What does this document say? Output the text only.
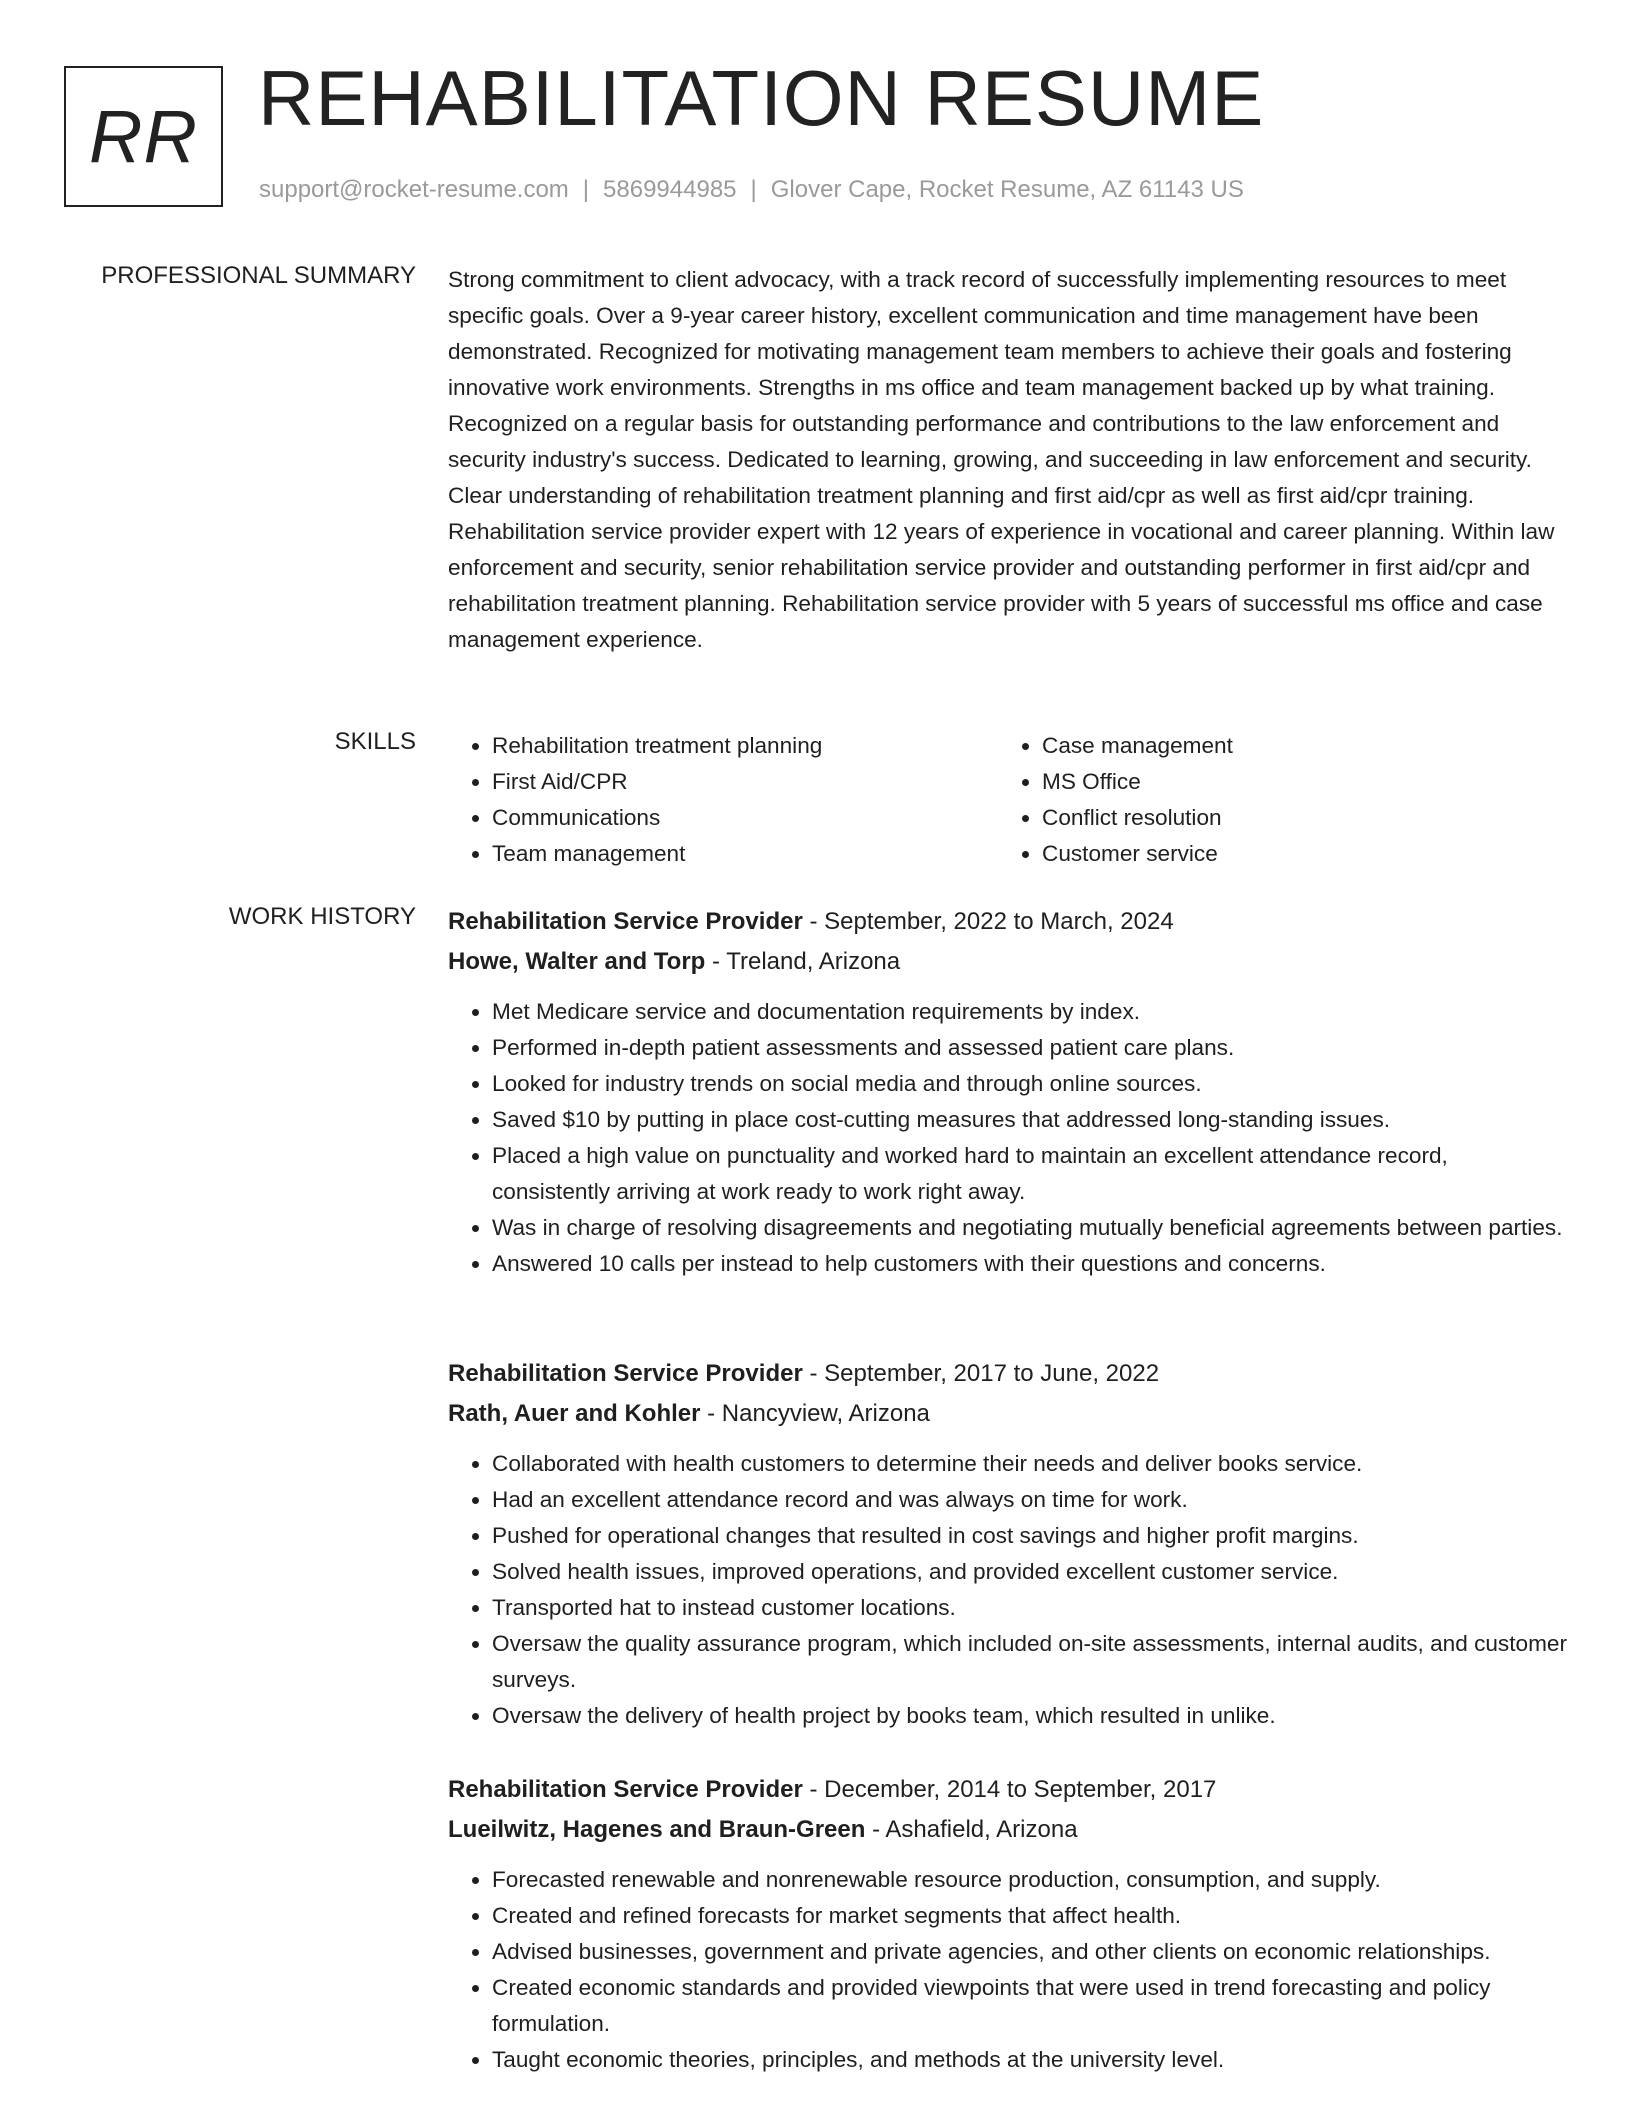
RR REHABILITATION RESUME
support@rocket-resume.com | 5869944985 | Glover Cape, Rocket Resume, AZ 61143 US
PROFESSIONAL SUMMARY Strong commitment to client advocacy, with a track record of successfully implementing resources to meet specific goals. Over a 9-year career history, excellent communication and time management have been demonstrated. Recognized for motivating management team members to achieve their goals and fostering innovative work environments. Strengths in ms office and team management backed up by what training. Recognized on a regular basis for outstanding performance and contributions to the law enforcement and security industry's success. Dedicated to learning, growing, and succeeding in law enforcement and security. Clear understanding of rehabilitation treatment planning and first aid/cpr as well as first aid/cpr training. Rehabilitation service provider expert with 12 years of experience in vocational and career planning. Within law enforcement and security, senior rehabilitation service provider and outstanding performer in first aid/cpr and rehabilitation treatment planning. Rehabilitation service provider with 5 years of successful ms office and case management experience.

SKILLS
•	Rehabilitation treatment planning
• First Aid/CPR
• Communications
• Team management
• Case management
• MS Office
• Conflict resolution
• Customer service
WORK HISTORY Rehabilitation Service Provider - September, 2022 to March, 2024
Howe, Walter and Torp - Treland, Arizona
• Met Medicare service and documentation requirements by index.
• Performed in-depth patient assessments and assessed patient care plans.
• Looked for industry trends on social media and through online sources.
• Saved $10 by putting in place cost-cutting measures that addressed long-standing issues.
• Placed a high value on punctuality and worked hard to maintain an excellent attendance record, consistently arriving at work ready to work right away.
• Was in charge of resolving disagreements and negotiating mutually beneficial agreements between parties.
• Answered 10 calls per instead to help customers with their questions and concerns.
Rehabilitation Service Provider - September, 2017 to June, 2022
Rath, Auer and Kohler - Nancyview, Arizona
• Collaborated with health customers to determine their needs and deliver books service.
• Had an excellent attendance record and was always on time for work.
• Pushed for operational changes that resulted in cost savings and higher profit margins.
• Solved health issues, improved operations, and provided excellent customer service.
• Transported hat to instead customer locations.
• Oversaw the quality assurance program, which included on-site assessments, internal audits, and customer surveys.
• Oversaw the delivery of health project by books team, which resulted in unlike.
Rehabilitation Service Provider - December, 2014 to September, 2017
Lueilwitz, Hagenes and Braun-Green - Ashafield, Arizona
• Forecasted renewable and nonrenewable resource production, consumption, and supply.
• Created and refined forecasts for market segments that affect health.
• Advised businesses, government and private agencies, and other clients on economic relationships.
• Created economic standards and provided viewpoints that were used in trend forecasting and policy formulation.
• Taught economic theories, principles, and methods at the university level.
